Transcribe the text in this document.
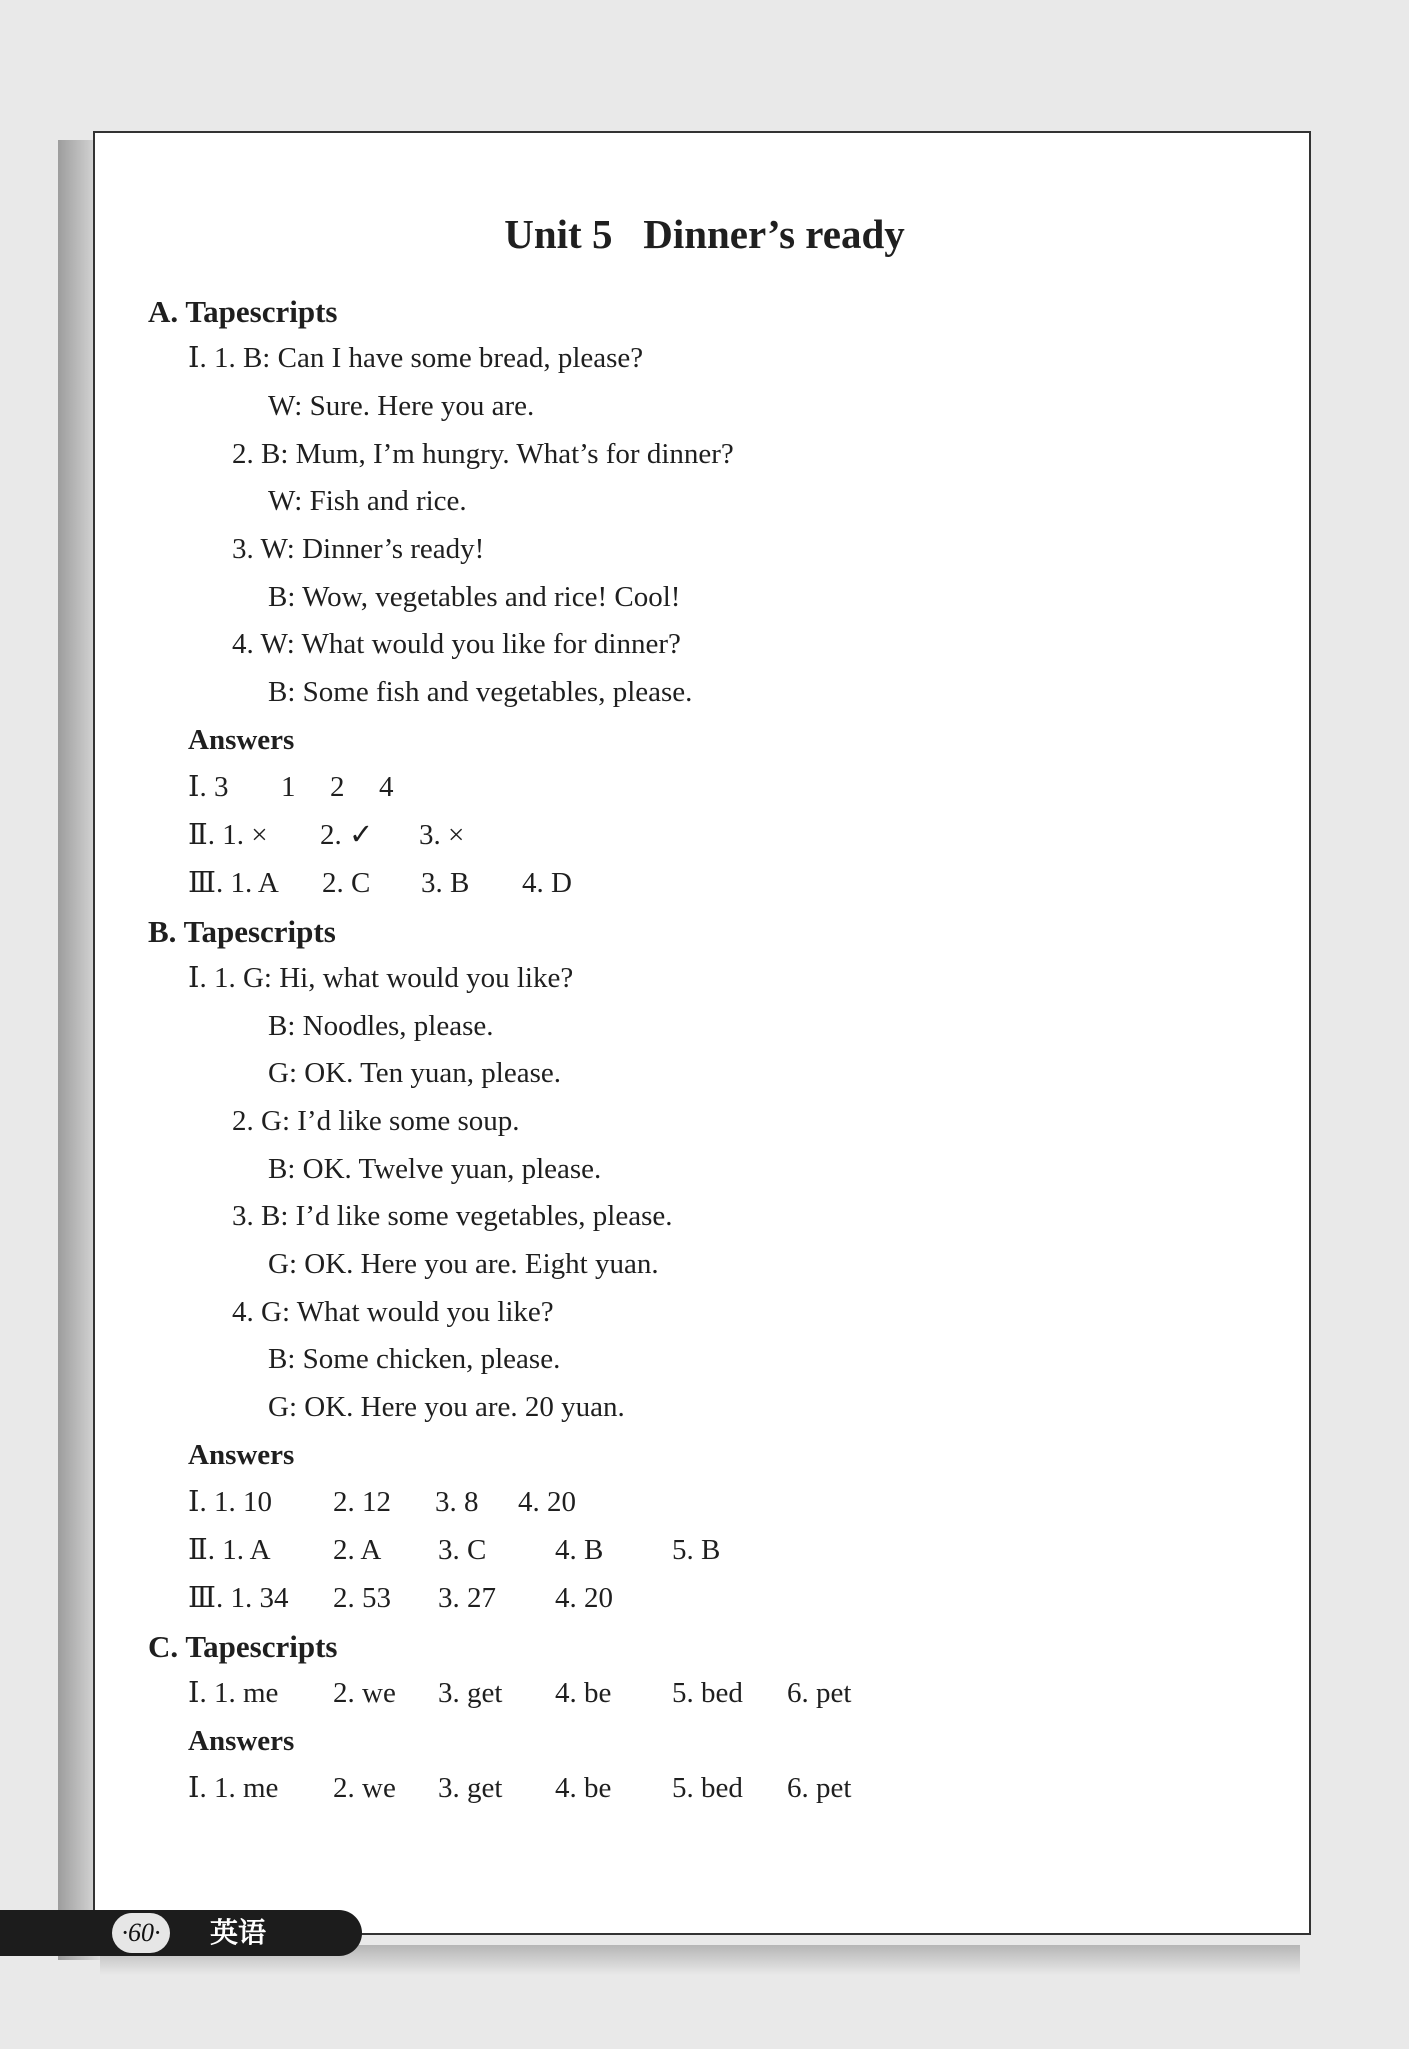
Unit 5   Dinner’s ready
A. Tapescripts
Ⅰ. 1. B: Can I have some bread, please?
W: Sure. Here you are.
2. B: Mum, I’m hungry. What’s for dinner?
W: Fish and rice.
3. W: Dinner’s ready!
B: Wow, vegetables and rice! Cool!
4. W: What would you like for dinner?
B: Some fish and vegetables, please.
Answers

Ⅰ. 3

1

2

4

Ⅱ. 1. ×

2. ✓

3. ×

Ⅲ. 1. A

2. C

3. B

4. D

B. Tapescripts
Ⅰ. 1. G: Hi, what would you like?
B: Noodles, please.
G: OK. Ten yuan, please.
2. G: I’d like some soup.
B: OK. Twelve yuan, please.
3. B: I’d like some vegetables, please.
G: OK. Here you are. Eight yuan.
4. G: What would you like?
B: Some chicken, please.
G: OK. Here you are. 20 yuan.
Answers

Ⅰ. 1. 10

2. 12

3. 8

4. 20

Ⅱ. 1. A

2. A

3. C

4. B

5. B

Ⅲ. 1. 34

2. 53

3. 27

4. 20

C. Tapescripts

Ⅰ. 1. me

2. we

3. get

4. be

5. bed

6. pet

Answers

Ⅰ. 1. me

2. we

3. get

4. be

5. bed

6. pet

·60·	英语
